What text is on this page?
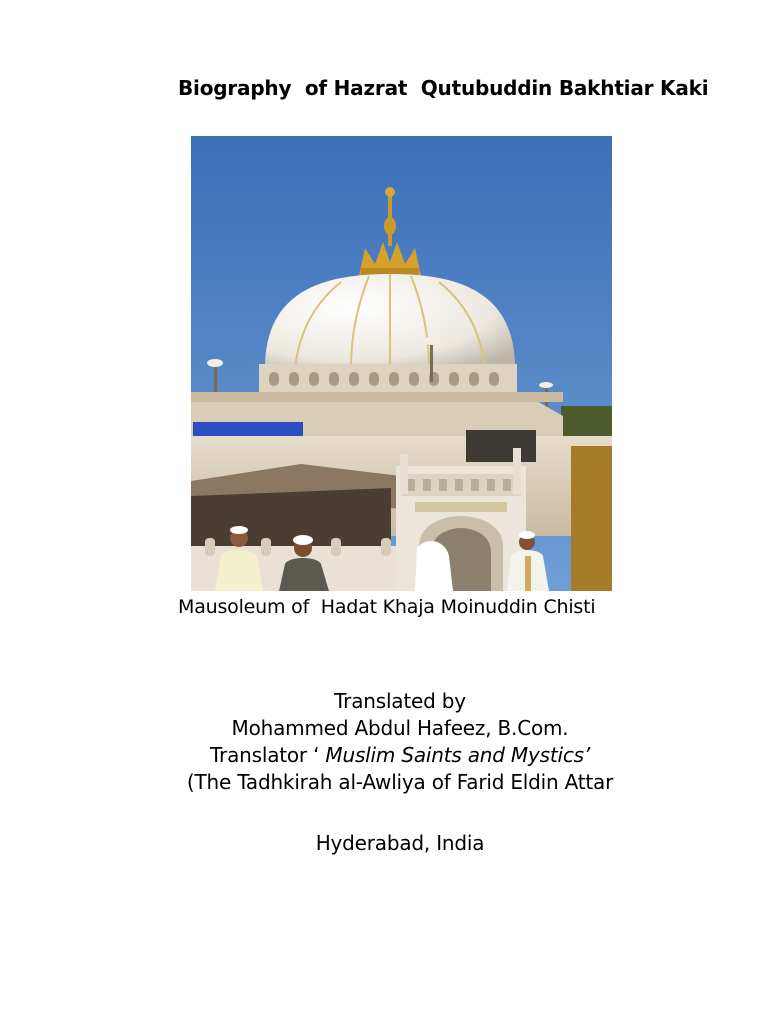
Biography  of Hazrat  Qutubuddin Bakhtiar Kaki
Mausoleum of  Hadat Khaja Moinuddin Chisti
Translated by
Mohammed Abdul Hafeez, B.Com.
Translator ‘ Muslim Saints and Mystics’
(The Tadhkirah al-Awliya of Farid Eldin Attar
Hyderabad, India
